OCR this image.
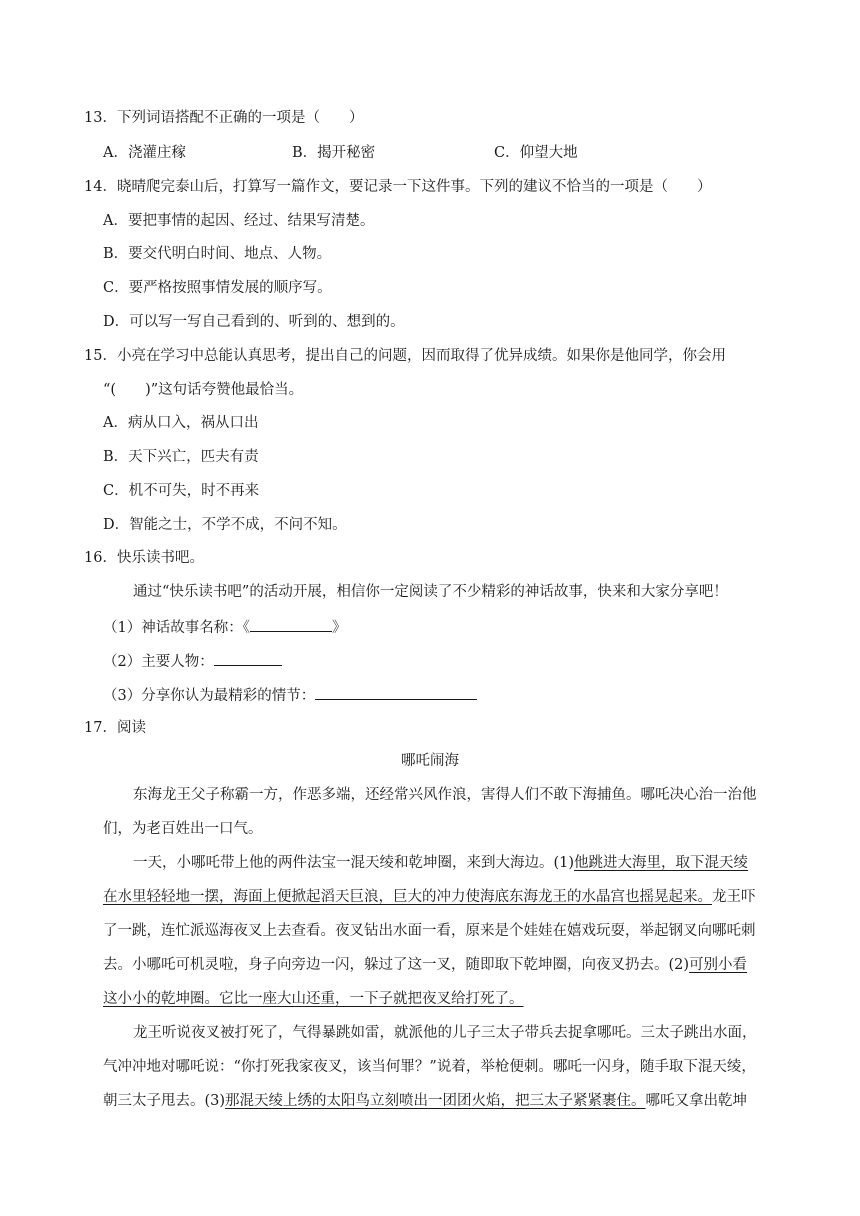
13．下列词语搭配不正确的一项是（　　）
A．浇灌庄稼	B．揭开秘密	C．仰望大地
14．晓晴爬完泰山后，打算写一篇作文，要记录一下这件事。下列的建议不恰当的一项是（　　）
A．要把事情的起因、经过、结果写清楚。
B．要交代明白时间、地点、人物。
C．要严格按照事情发展的顺序写。
D．可以写一写自己看到的、听到的、想到的。
15．小亮在学习中总能认真思考，提出自己的问题，因而取得了优异成绩。如果你是他同学，你会用
“(　　)”这句话夸赞他最恰当。
A．病从口入，祸从口出
B．天下兴亡，匹夫有责
C．机不可失，时不再来
D．智能之士，不学不成，不问不知。
16．快乐读书吧。
通过“快乐读书吧”的活动开展，相信你一定阅读了不少精彩的神话故事，快来和大家分享吧！
（1）神话故事名称：《	》
（2）主要人物：
（3）分享你认为最精彩的情节：
17．阅读
哪吒闹海
东海龙王父子称霸一方，作恶多端，还经常兴风作浪，害得人们不敢下海捕鱼。哪吒决心治一治他
们，为老百姓出一口气。
一天，小哪吒带上他的两件法宝一混天绫和乾坤圈，来到大海边。(1)他跳进大海里，取下混天绫
在水里轻轻地一摆，海面上便掀起滔天巨浪，巨大的冲力使海底东海龙王的水晶宫也摇晃起来。龙王吓
了一跳，连忙派巡海夜叉上去查看。夜叉钻出水面一看，原来是个娃娃在嬉戏玩耍，举起钢叉向哪吒刺
去。小哪吒可机灵啦，身子向旁边一闪，躲过了这一叉，随即取下乾坤圈，向夜叉扔去。(2)可别小看
这小小的乾坤圈。它比一座大山还重，一下子就把夜叉给打死了。
龙王听说夜叉被打死了，气得暴跳如雷，就派他的儿子三太子带兵去捉拿哪吒。三太子跳出水面，
气冲冲地对哪吒说：“你打死我家夜叉，该当何罪？”说着，举枪便刺。哪吒一闪身，随手取下混天绫，
朝三太子甩去。(3)那混天绫上绣的太阳鸟立刻喷出一团团火焰，把三太子紧紧裹住。哪吒又拿出乾坤
